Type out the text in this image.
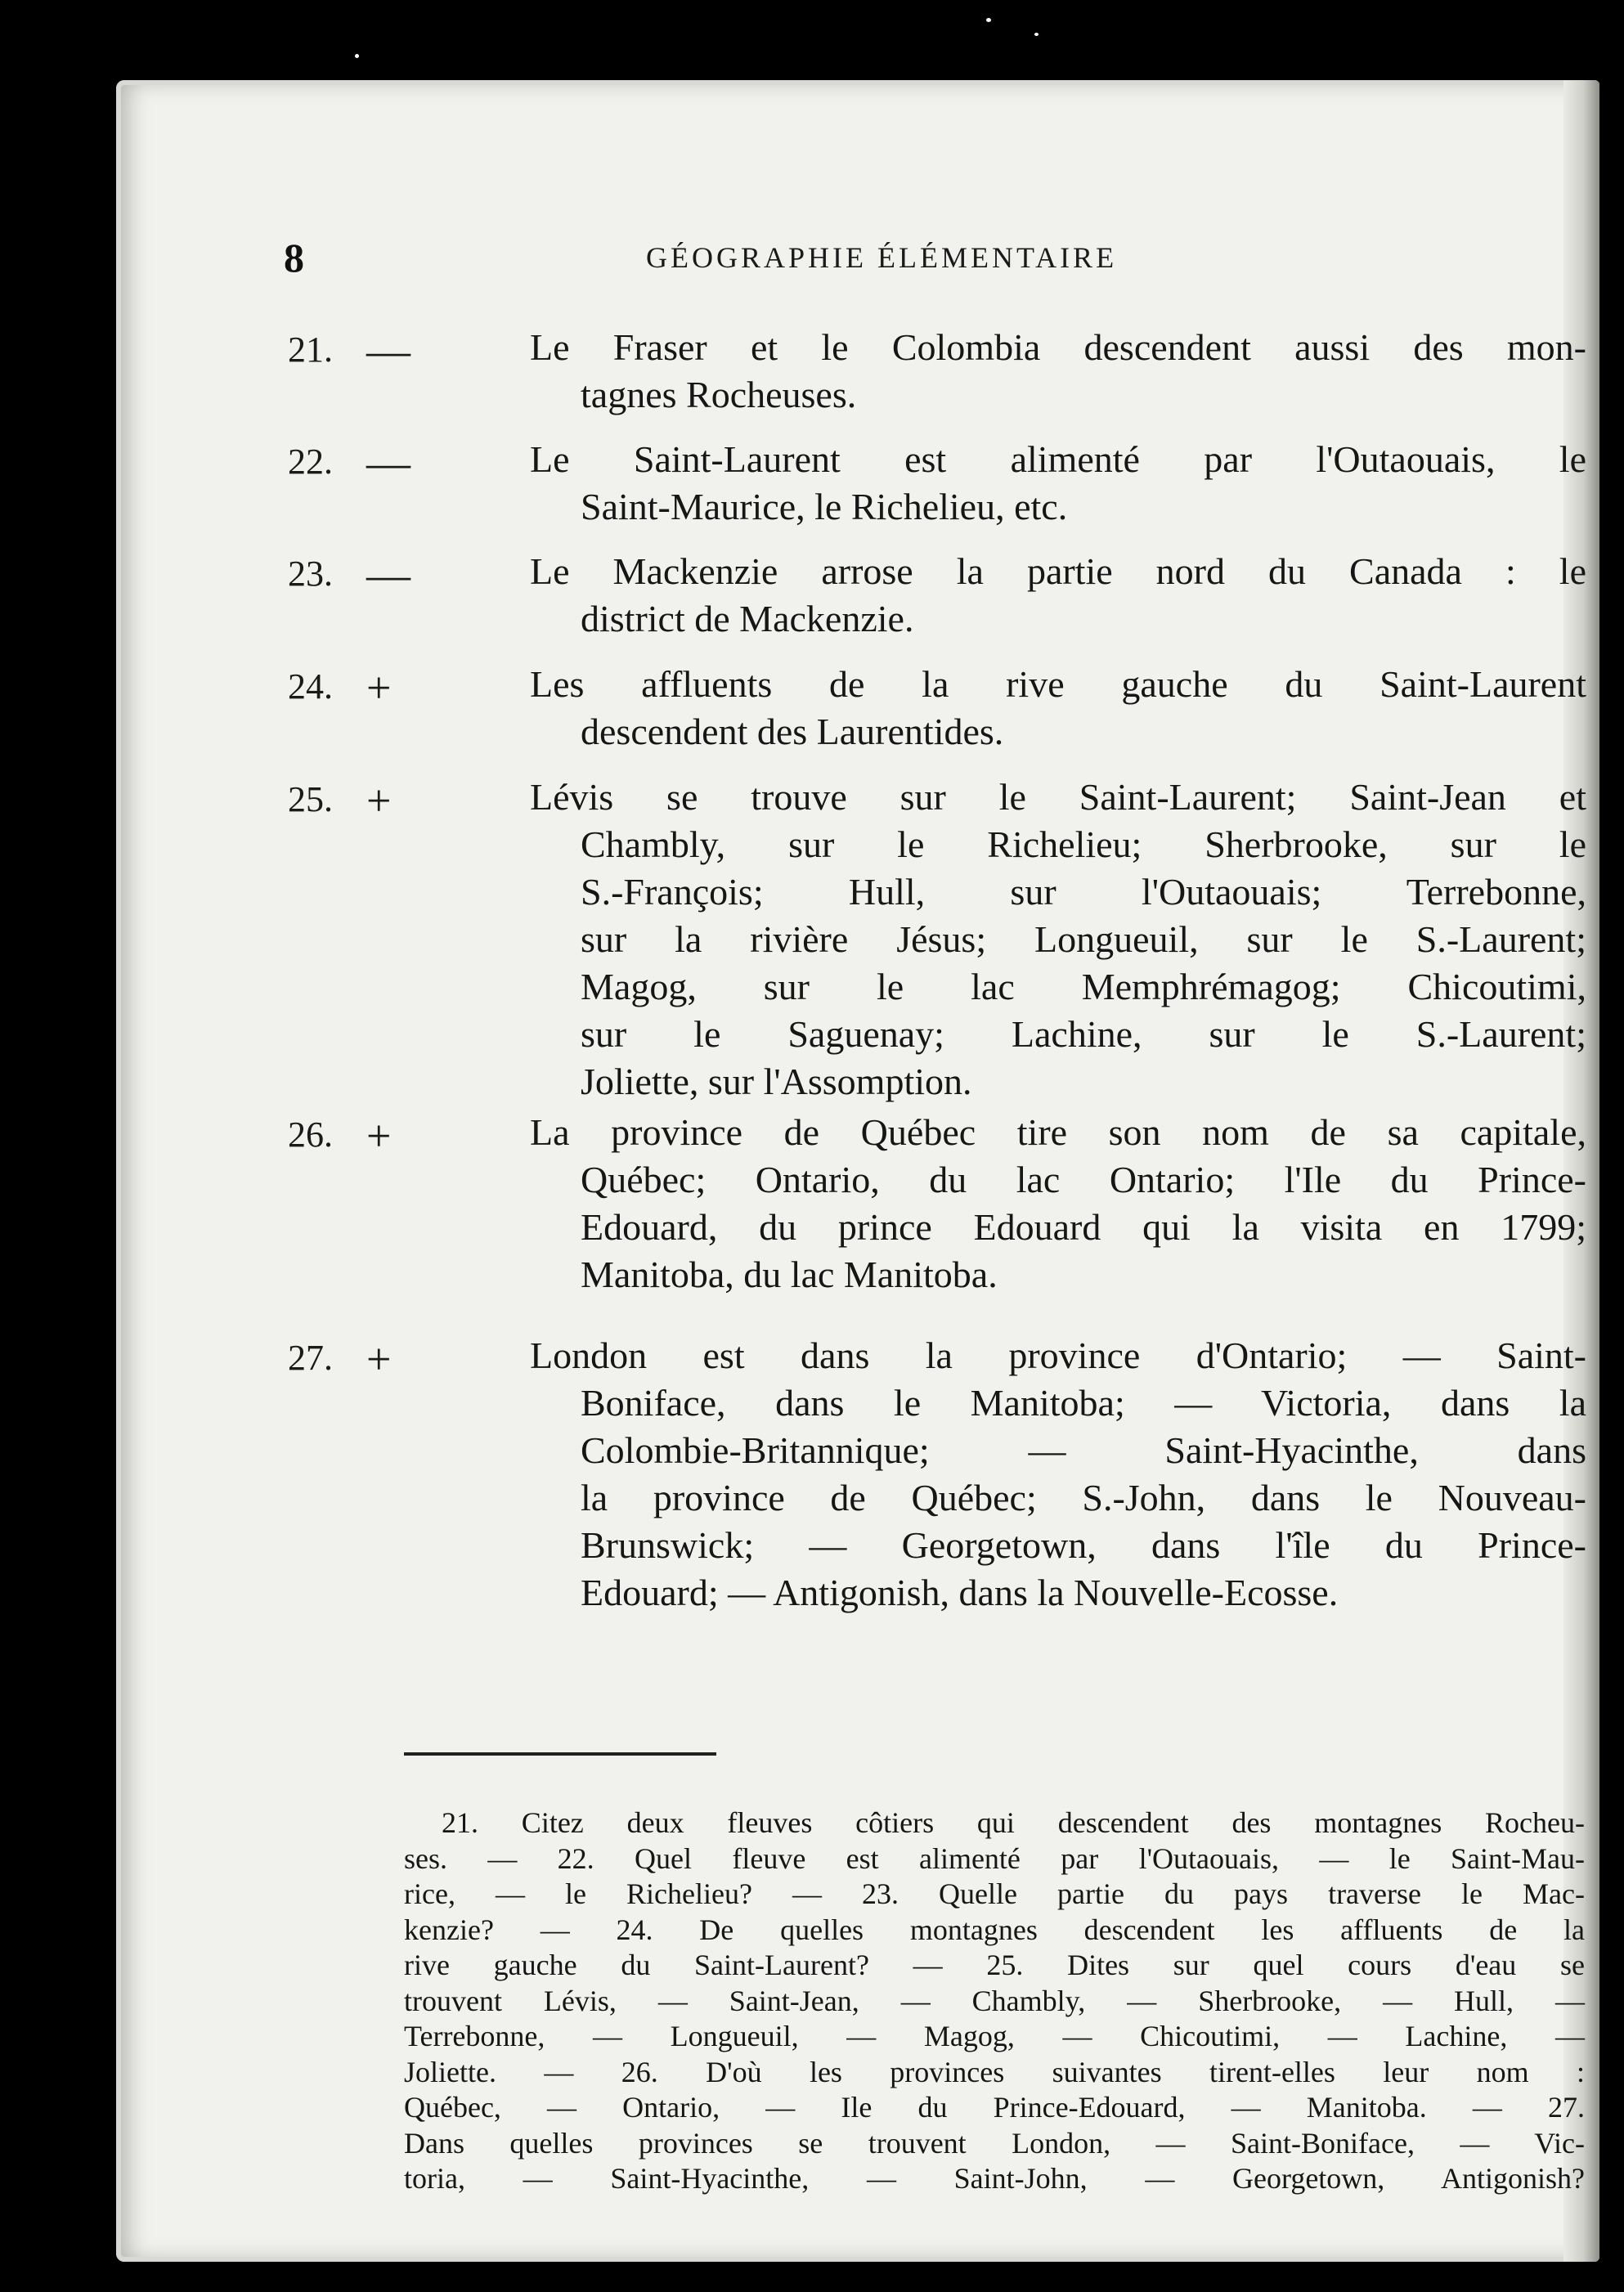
8	GÉOGRAPHIE ÉLÉMENTAIRE
21. —	Le Fraser et le Colombia descendent aussi des mon-
tagnes Rocheuses.
22. —	Le Saint-Laurent est alimenté par l'Outaouais, le
Saint-Maurice, le Richelieu, etc.
23. —	Le Mackenzie arrose la partie nord du Canada : le
district de Mackenzie.
24. +	Les affluents de la rive gauche du Saint-Laurent
descendent des Laurentides.
25. +	Lévis se trouve sur le Saint-Laurent; Saint-Jean et
Chambly, sur le Richelieu; Sherbrooke, sur le
S.-François; Hull, sur l'Outaouais; Terrebonne,
sur la rivière Jésus; Longueuil, sur le S.-Laurent;
Magog, sur le lac Memphrémagog; Chicoutimi,
sur le Saguenay; Lachine, sur le S.-Laurent;
Joliette, sur l'Assomption.
26. +	La province de Québec tire son nom de sa capitale,
Québec; Ontario, du lac Ontario; l'Ile du Prince-
Edouard, du prince Edouard qui la visita en 1799;
Manitoba, du lac Manitoba.
27. +	London est dans la province d'Ontario; — Saint-
Boniface, dans le Manitoba; — Victoria, dans la
Colombie-Britannique; — Saint-Hyacinthe, dans
la province de Québec; S.-John, dans le Nouveau-
Brunswick; — Georgetown, dans l'île du Prince-
Edouard; — Antigonish, dans la Nouvelle-Ecosse.
21. Citez deux fleuves côtiers qui descendent des montagnes Rocheu-
ses. — 22. Quel fleuve est alimenté par l'Outaouais, — le Saint-Mau-
rice, — le Richelieu? — 23. Quelle partie du pays traverse le Mac-
kenzie? — 24. De quelles montagnes descendent les affluents de la
rive gauche du Saint-Laurent? — 25. Dites sur quel cours d'eau se
trouvent Lévis, — Saint-Jean, — Chambly, — Sherbrooke, — Hull, —
Terrebonne, — Longueuil, — Magog, — Chicoutimi, — Lachine, —
Joliette. — 26. D'où les provinces suivantes tirent-elles leur nom :
Québec, — Ontario, — Ile du Prince-Edouard, — Manitoba. — 27.
Dans quelles provinces se trouvent London, — Saint-Boniface, — Vic-
toria, — Saint-Hyacinthe, — Saint-John, — Georgetown, Antigonish?
